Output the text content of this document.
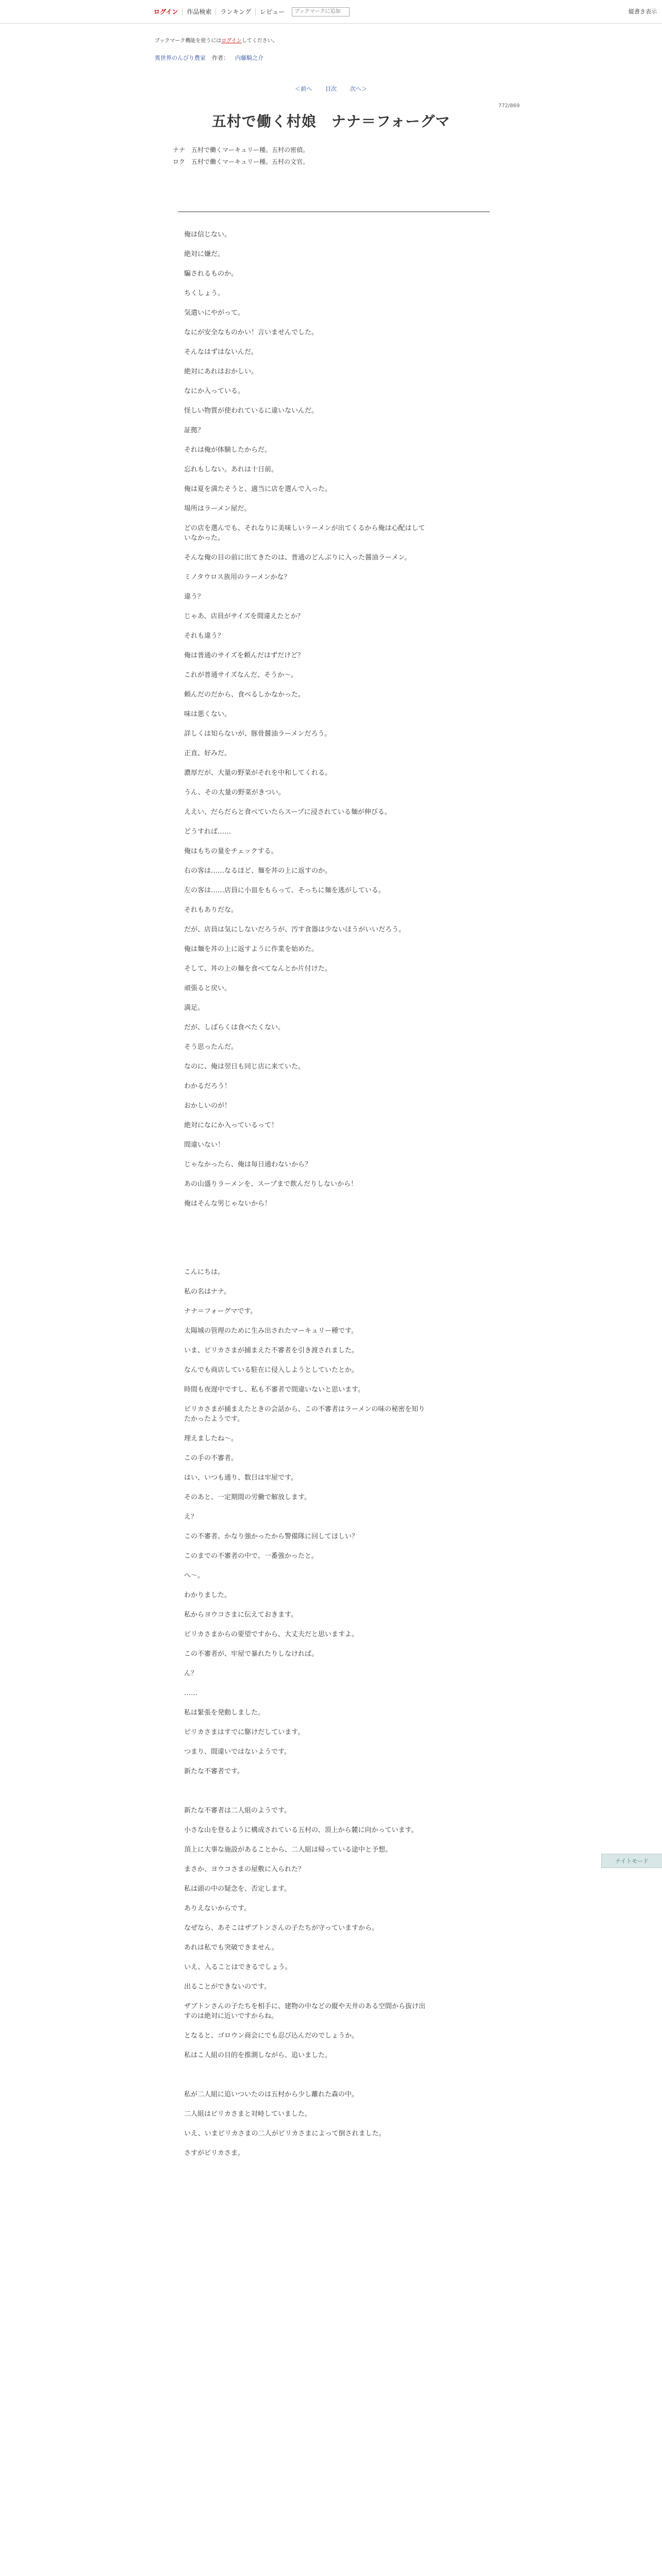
ログイン	作品検索	ランキング	レビュー
ブックマークに追加	縦書き表示
ブックマーク機能を使うにはログインしてください。
異世界のんびり農家 作者： 内藤騎之介
＜前へ 目次 次へ＞
772/869
五村で働く村娘　ナナ＝フォーグマ
ナナ　五村で働くマーキュリー種。五村の密偵。
ロク　五村で働くマーキュリー種。五村の文官。

俺は信じない。

絶対に嫌だ。

騙されるものか。

ちくしょう。

気遣いにやがって。

なにが安全なものかい！言いませんでした。

そんなはずはないんだ。

絶対にあれはおかしい。

なにか入っている。

怪しい物質が使われているに違いないんだ。

証拠？

それは俺が体験したからだ。

忘れもしない。あれは十日前。

俺は夏を満たそうと、適当に店を選んで入った。

場所はラーメン屋だ。

どの店を選んでも、それなりに美味しいラーメンが出てくるから俺は心配はして

いなかった。

そんな俺の目の前に出てきたのは、普通のどんぶりに入った醤油ラーメン。

ミノタウロス族用のラーメンかな？

違う？

じゃあ、店員がサイズを間違えたとか？

それも違う？

俺は普通のサイズを頼んだはずだけど？

これが普通サイズなんだ、そうか～。

頼んだのだから、食べるしかなかった。

味は悪くない。

詳しくは知らないが、豚骨醤油ラーメンだろう。

正直、好みだ。

濃厚だが、大量の野菜がそれを中和してくれる。

うん、その大量の野菜がきつい。

ええい、だらだらと食べていたらスープに浸されている麺が伸びる。

どうすれば……

俺はもちの量をチェックする。

右の客は……なるほど、麺を丼の上に返すのか。

左の客は……店員に小皿をもらって、そっちに麺を逃がしている。

それもありだな。

だが、店員は気にしないだろうが、汚す食器は少ないほうがいいだろう。

俺は麺を丼の上に返すように作業を始めた。

そして、丼の上の麺を食べてなんとか片付けた。

頑張ると戻い。

満足。

だが、しばらくは食べたくない。

そう思ったんだ。

なのに、俺は翌日も同じ店に来ていた。

わかるだろう！

おかしいのが！

絶対になにか入っているって！

間違いない！

じゃなかったら、俺は毎日通わないから？

あの山盛りラーメンを、スープまで飲んだりしないから！

俺はそんな男じゃないから！

こんにちは。

私の名はナナ。

ナナ＝フォーグマです。

太陽城の管理のために生み出されたマーキュリー種です。

いま、ピリカさまが捕まえた不審者を引き渡されました。

なんでも商店している駐在に侵入しようとしていたとか。

時間も夜遅中ですし、私も不審者で間違いないと思います。

ピリカさまが捕まえたときの会話から、この不審者はラーメンの味の秘密を知り

たかったようです。

理えましたね～。

この手の不審者。

はい、いつも通り、数日は牢屋です。

そのあと、一定期間の労働で解放します。

え？

この不審者、かなり強かったから警備隊に回してほしい？

このまでの不審者の中で、一番強かったと。

へ～。

わかりました。

私からヨウコさまに伝えておきます。

ピリカさまからの要望ですから、大丈夫だと思いますよ。

この不審者が、牢屋で暴れたりしなければ。

ん？

……

私は緊張を発動しました。

ピリカさまはすでに駆けだしています。

つまり、間違いではないようです。

新たな不審者です。

新たな不審者は二人組のようです。

小さな山を登るように構成されている五村の、頂上から麓に向かっています。

頂上に大事な施設があることから、二人組は帰っている途中と予想。

まさか、ヨウコさまの屋敷に入られた？

私は頭の中の疑念を、否定します。

ありえないからです。

なぜなら、あそこはザブトンさんの子たちが守っていますから。

あれは私でも突破できません。

いえ、入ることはできるでしょう。

出ることができないのです。

ザブトンさんの子たちを相手に、建物の中などの縦や天井のある空間から抜け出

すのは絶対に近いですからね。

となると、ゴロウン商会にでも忍び込んだのでしょうか。

私はこ人組の目的を推測しながら、追いました。

私が二人組に追いついたのは五村から少し離れた森の中。

二人組はピリカさまと対峙していました。

いえ、いまピリカさまの二人がピリカさまによって倒されました。

さすがピリカさま。

ナイトモード
